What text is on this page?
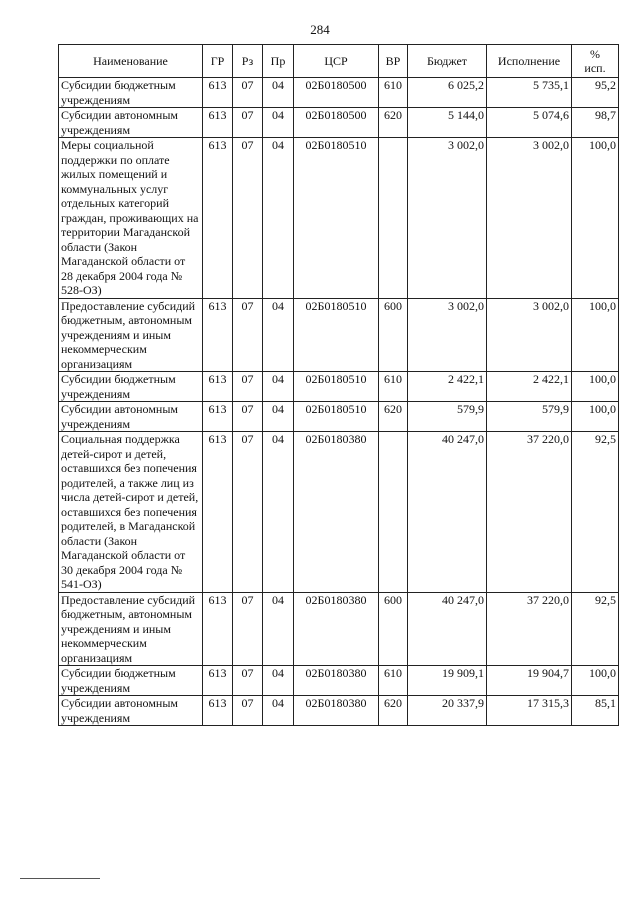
284
Наименование	ГР	Рз	Пр	ЦСР	ВР	Бюджет	Исполнение	%
исп.
Субсидии бюджетным учреждениям	613	07	04	02Б0180500	610	6 025,2	5 735,1	95,2
Субсидии автономным учреждениям	613	07	04	02Б0180500	620	5 144,0	5 074,6	98,7
Меры социальной поддержки по оплате жилых помещений и коммунальных услуг отдельных категорий граждан, проживающих на территории Магаданской области (Закон Магаданской области от 28 декабря 2004 года № 528-ОЗ)	613	07	04	02Б0180510		3 002,0	3 002,0	100,0
Предоставление субсидий бюджетным, автономным учреждениям и иным некоммерческим организациям	613	07	04	02Б0180510	600	3 002,0	3 002,0	100,0
Субсидии бюджетным учреждениям	613	07	04	02Б0180510	610	2 422,1	2 422,1	100,0
Субсидии автономным учреждениям	613	07	04	02Б0180510	620	579,9	579,9	100,0
Социальная поддержка детей-сирот и детей, оставшихся без попечения родителей, а также лиц из числа детей-сирот и детей, оставшихся без попечения родителей, в Магаданской области (Закон Магаданской области от 30 декабря 2004 года № 541-ОЗ)	613	07	04	02Б0180380		40 247,0	37 220,0	92,5
Предоставление субсидий бюджетным, автономным учреждениям и иным некоммерческим организациям	613	07	04	02Б0180380	600	40 247,0	37 220,0	92,5
Субсидии бюджетным учреждениям	613	07	04	02Б0180380	610	19 909,1	19 904,7	100,0
Субсидии автономным учреждениям	613	07	04	02Б0180380	620	20 337,9	17 315,3	85,1
